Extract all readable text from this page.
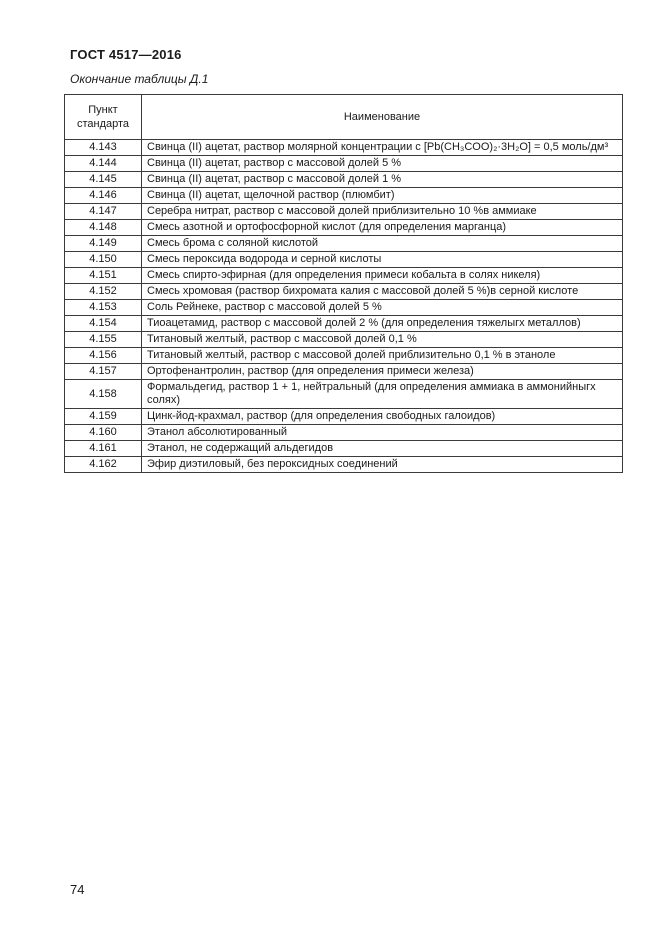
ГОСТ 4517—2016
Окончание таблицы Д.1
Пункт
стандарта	Наименование
4.143	Свинца (II) ацетат, раствор молярной концентрации c [Pb(CH₃COO)₂·3H₂O] = 0,5 моль/дм³
4.144	Свинца (II) ацетат, раствор с массовой долей 5 %
4.145	Свинца (II) ацетат, раствор с массовой долей 1 %
4.146	Свинца (II) ацетат, щелочной раствор (плюмбит)
4.147	Серебра нитрат, раствор с массовой долей приблизительно 10 %в аммиаке
4.148	Смесь азотной и ортофосфорной кислот (для определения марганца)
4.149	Смесь брома с соляной кислотой
4.150	Смесь пероксида водорода и серной кислоты
4.151	Смесь спирто-эфирная (для определения примеси кобальта в солях никеля)
4.152	Смесь хромовая (раствор бихромата калия с массовой долей 5 %)в серной кислоте
4.153	Соль Рейнеке, раствор с массовой долей 5 %
4.154	Тиоацетамид, раствор с массовой долей 2 % (для определения тяжелыгх металлов)
4.155	Титановый желтый, раствор с массовой долей 0,1 %
4.156	Титановый желтый, раствор с массовой долей приблизительно 0,1 % в этаноле
4.157	Ортофенантролин, раствор (для определения примеси железа)
4.158	Формальдегид, раствор 1 + 1, нейтральный (для определения аммиака в аммонийныгх солях)
4.159	Цинк-йод-крахмал, раствор (для определения свободных галоидов)
4.160	Этанол абсолютированный
4.161	Этанол, не содержащий альдегидов
4.162	Эфир диэтиловый, без пероксидных соединений
74
